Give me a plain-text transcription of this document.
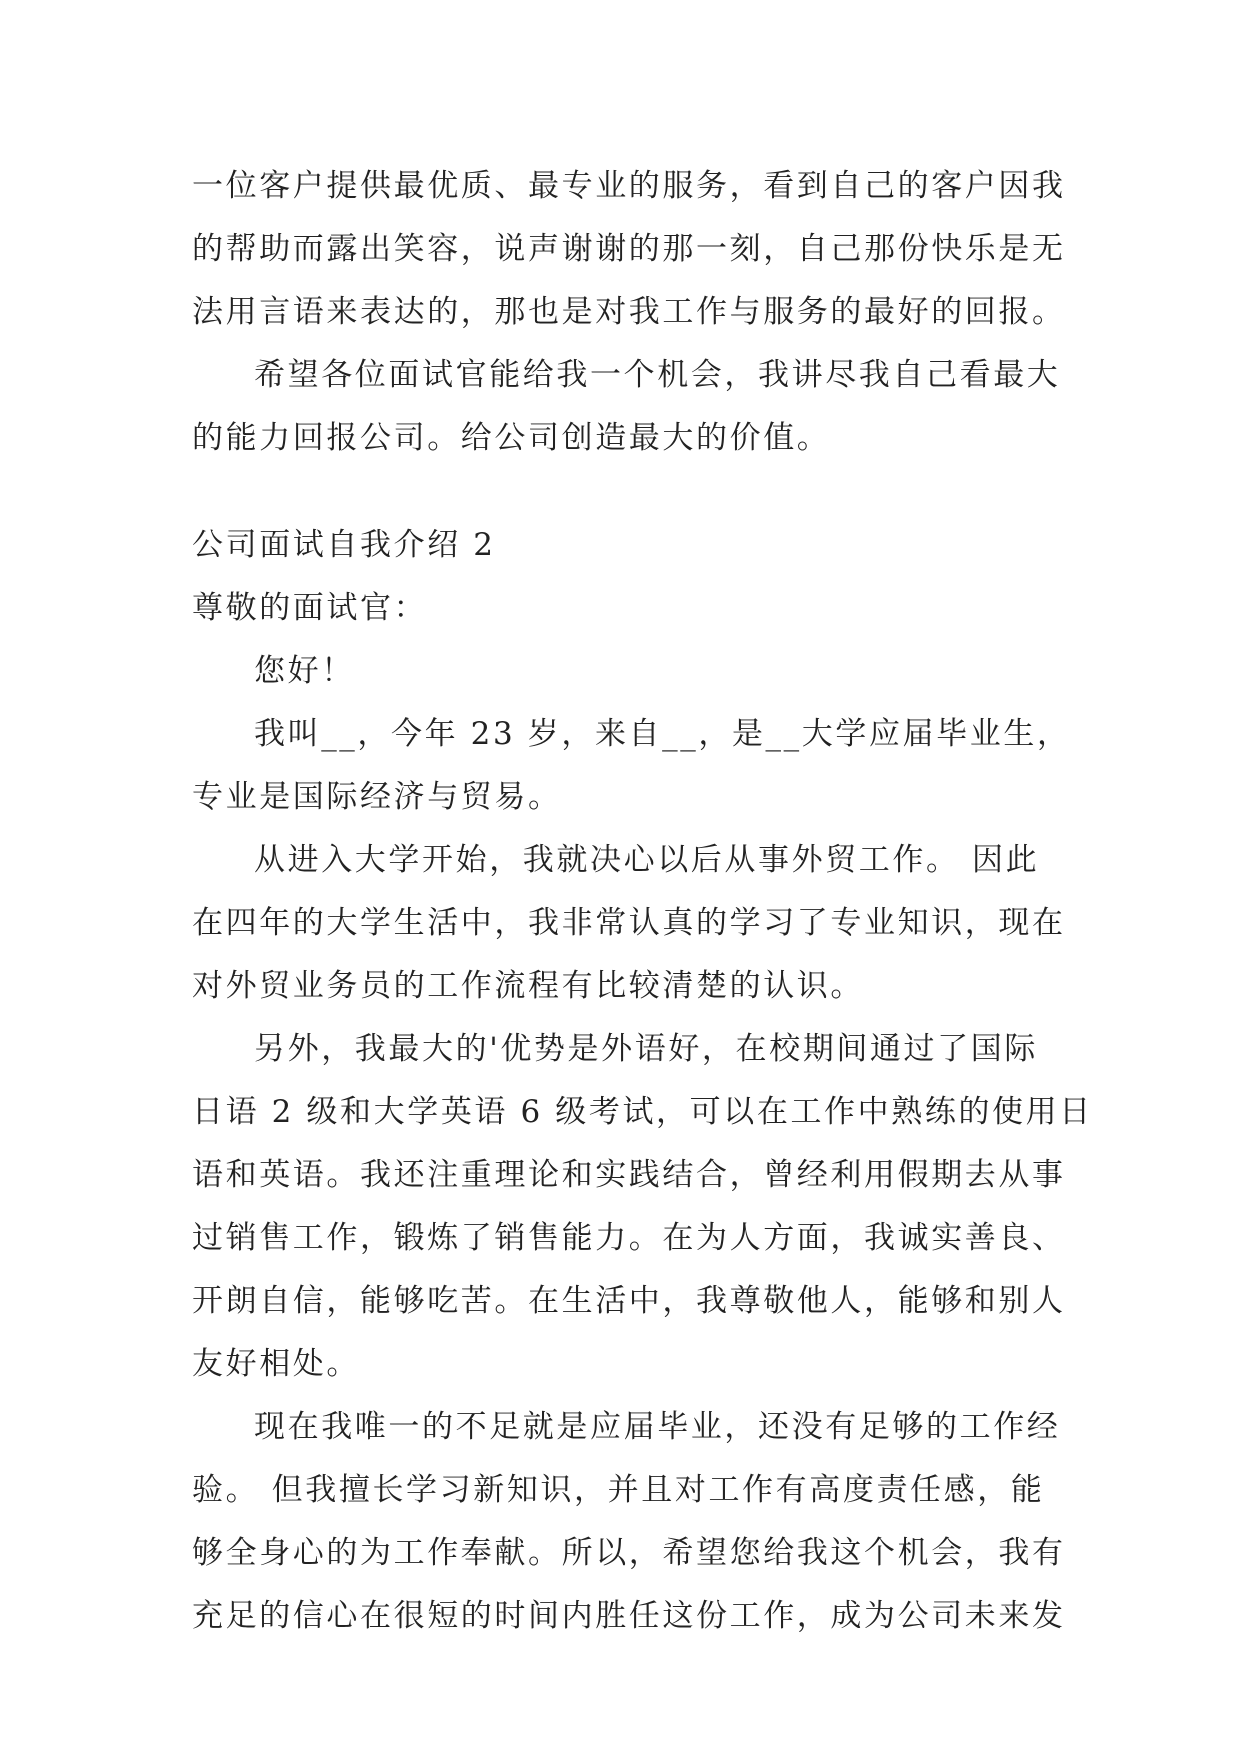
一位客户提供最优质、最专业的服务，看到自己的客户因我
的帮助而露出笑容，说声谢谢的那一刻，自己那份快乐是无
法用言语来表达的，那也是对我工作与服务的最好的回报。
希望各位面试官能给我一个机会，我讲尽我自己看最大
的能力回报公司。给公司创造最大的价值。
公司面试自我介绍 2
尊敬的面试官：
您好！
我叫__，今年 23 岁，来自__，是__大学应届毕业生，
专业是国际经济与贸易。
从进入大学开始，我就决心以后从事外贸工作。 因此
在四年的大学生活中，我非常认真的学习了专业知识，现在
对外贸业务员的工作流程有比较清楚的认识。
另外，我最大的'优势是外语好，在校期间通过了国际
日语 2 级和大学英语 6 级考试，可以在工作中熟练的使用日
语和英语。我还注重理论和实践结合，曾经利用假期去从事
过销售工作，锻炼了销售能力。在为人方面，我诚实善良、
开朗自信，能够吃苦。在生活中，我尊敬他人，能够和别人
友好相处。
现在我唯一的不足就是应届毕业，还没有足够的工作经
验。 但我擅长学习新知识，并且对工作有高度责任感，能
够全身心的为工作奉献。所以，希望您给我这个机会，我有
充足的信心在很短的时间内胜任这份工作，成为公司未来发
